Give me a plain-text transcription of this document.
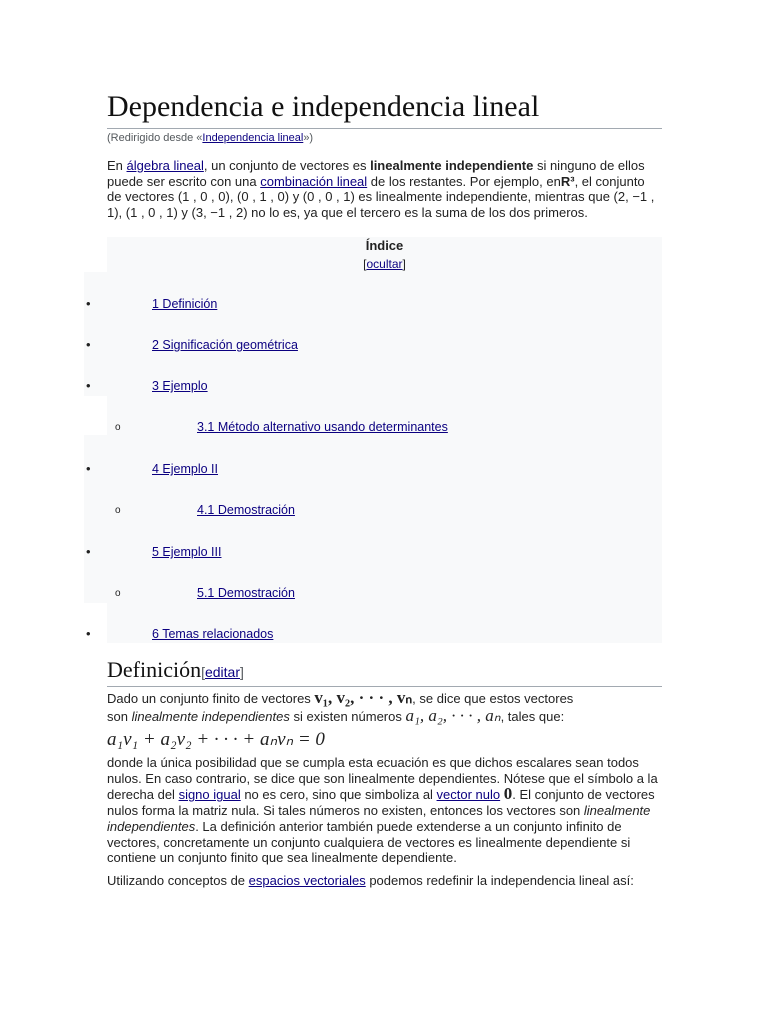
Dependencia e independencia lineal
(Redirigido desde «Independencia lineal»)

En álgebra lineal, un conjunto de vectores es linealmente independiente si ninguno de ellos puede ser escrito con una combinación lineal de los restantes. Por ejemplo, enR³, el conjunto de vectores (1 , 0 , 0), (0 , 1 , 0) y (0 , 0 , 1) es linealmente independiente, mientras que (2, −1 , 1), (1 , 0 , 1) y (3, −1 , 2) no lo es, ya que el tercero es la suma de los dos primeros.

Índice
[ocultar]
•	1 Definición
•	2 Significación geométrica
•	3 Ejemplo
o	3.1 Método alternativo usando determinantes
•	4 Ejemplo II
o	4.1 Demostración
•	5 Ejemplo III
o	5.1 Demostración
•	6 Temas relacionados
Definición[editar]
Dado un conjunto finito de vectores v₁, v₂, · · · , vₙ, se dice que estos vectores
son linealmente independientes si existen números a₁, a₂, · · · , aₙ, tales que:
a₁v₁ + a₂v₂ + · · · + aₙvₙ = 0

donde la única posibilidad que se cumpla esta ecuación es que dichos escalares sean todos nulos. En caso contrario, se dice que son linealmente dependientes. Nótese que el símbolo a la derecha del signo igual no es cero, sino que simboliza al vector nulo 0. El conjunto de vectores nulos forma la matriz nula. Si tales números no existen, entonces los vectores son linealmente independientes. La definición anterior también puede extenderse a un conjunto infinito de vectores, concretamente un conjunto cualquiera de vectores es linealmente dependiente si contiene un conjunto finito que sea linealmente dependiente.

Utilizando conceptos de espacios vectoriales podemos redefinir la independencia lineal así:
